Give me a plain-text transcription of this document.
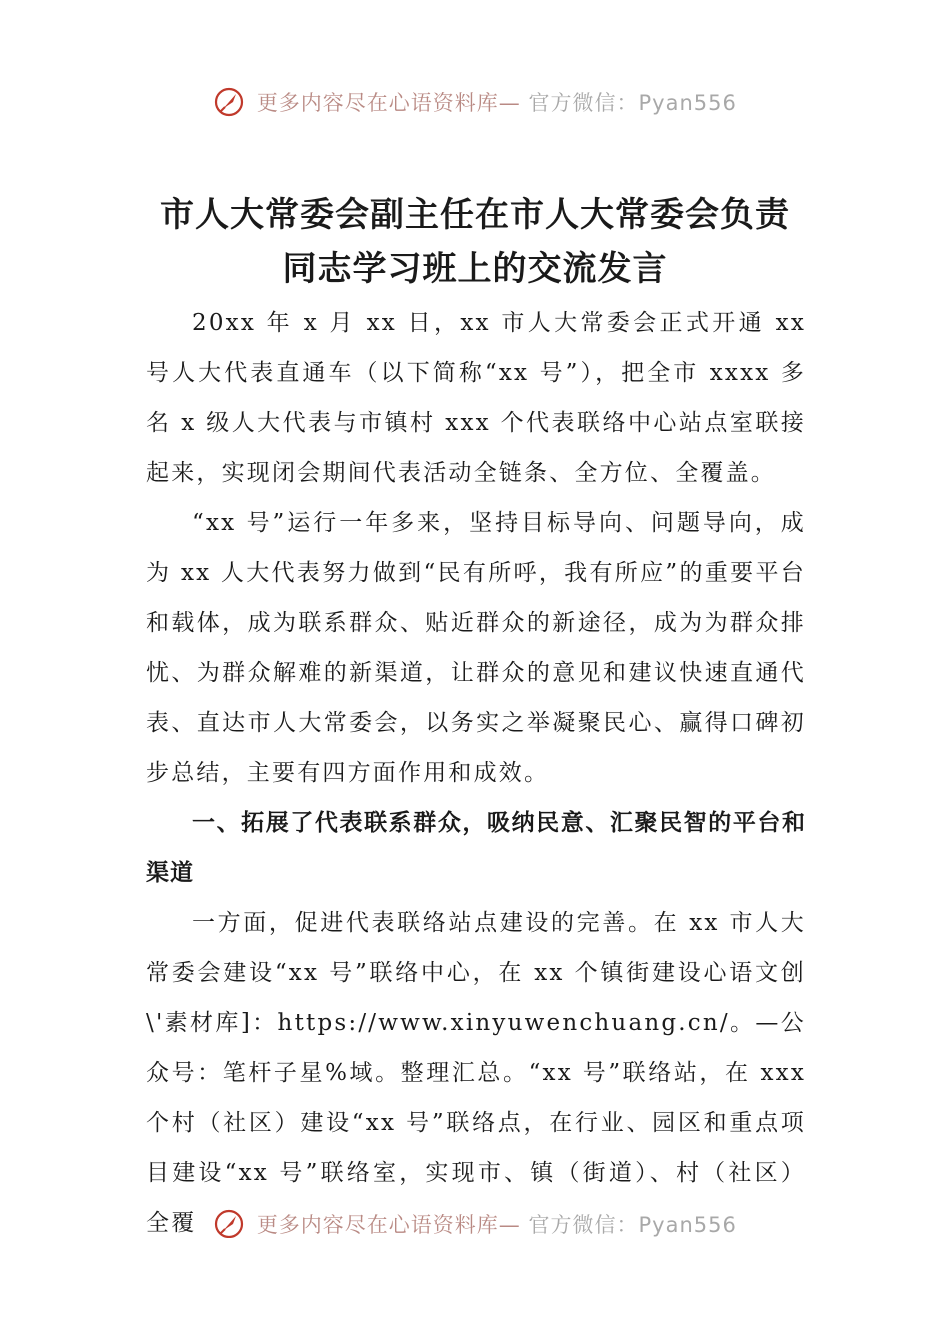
更多内容尽在心语资料库— 官方微信：Pyan556
市人大常委会副主任在市人大常委会负责
同志学习班上的交流发言

20xx 年 x 月 xx 日，xx 市人大常委会正式开通 xx 号人大代表直通车（以下简称“xx 号”），把全市 xxxx 多名 x 级人大代表与市镇村 xxx 个代表联络中心站点室联接起来，实现闭会期间代表活动全链条、全方位、全覆盖。

“xx 号”运行一年多来，坚持目标导向、问题导向，成为 xx 人大代表努力做到“民有所呼，我有所应”的重要平台和载体，成为联系群众、贴近群众的新途径，成为为群众排忧、为群众解难的新渠道，让群众的意见和建议快速直通代表、直达市人大常委会，以务实之举凝聚民心、赢得口碑初步总结，主要有四方面作用和成效。

一、拓展了代表联系群众，吸纳民意、汇聚民智的平台和渠道

一方面，促进代表联络站点建设的完善。在 xx 市人大常委会建设“xx 号”联络中心，在 xx 个镇街建设心语文创\'素材库]：https://www.xinyuwenchuang.cn/。—公众号：笔杆子星%域。整理汇总。“xx 号”联络站，在 xxx 个村（社区）建设“xx 号”联络点，在行业、园区和重点项目建设“xx 号”联络室，实现市、镇（街道）、村（社区）全覆	更多内容尽在心语资料库— 官方微信：Pyan556
